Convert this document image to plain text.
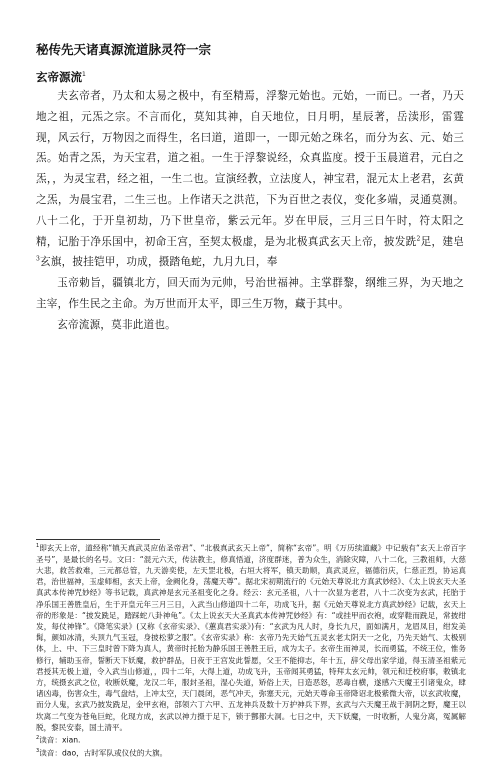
秘传先天诸真源流道脉灵符一宗
玄帝源流$^1$

夫玄帝者，乃太和太易之极中，有至精焉，浮黎元始也。元始，一而已。一者，乃天地之祖，元炁之宗。不言而化，莫知其神，自天地位，日月明，星辰著，岳渎形，雷霆现，风云行，万物因之而得生，名曰道，道即一，一即元始之珠名，而分为玄、元、始三炁。始青之炁，为天宝君，道之祖。一生于浮黎说经，众真监度。授于玉晨道君，元白之炁，，为灵宝君，经之祖，一生二也。宣演经教，立法度人，神宝君，混元太上老君，玄黄之炁，为晨宝君，二生三也。上作诸天之洪范，下为百世之表仪，变化多端，灵通莫测。八十二化，于开皇初劫，乃下世皇帝，紫云元年。岁在甲辰，三月三日午时，符太阳之精，记胎于净乐国中，初命王宫，至契太极虚，是为北极真武玄天上帝，披发跣$^2$足，建皂$^3$玄旗，披挂铠甲，功成，摄踏龟蛇，九月九日，奉

玉帝勅旨，疆镇北方，回天而为元帅，号治世福神。主掌群黎，纲维三界，为天地之主宰，作生民之主命。为万世而开太平，即三生万物，藏于其中。

玄帝流源，莫非此道也。

$^1$即玄天上帝，道经称“镇天真武灵应佑圣帝君”、“北极真武玄天上帝”，简称“玄帝”。明《万历续道藏》中记载有“玄天上帝百字圣号”，是最长的名号。文曰：“混元六天，传法教主，修真悟道，济度群迷，普为众生，消除灾障，八十二化，三教祖师，大慈大悲，救苦救难，三元都总管，九天游奕使，左天罡北极，右垣大将军，镇天助顺，真武灵应，福德衍庆，仁慈正烈，协运真君，治世福神，玉虚师相，玄天上帝，金阙化身，荡魔天尊”。据北宋初期流行的《元始天尊说北方真武妙经》、《太上说玄天大圣真武本传神咒妙经》等书记载，真武神是玄元圣祖变化之身。经云：玄元圣祖，八十一次显为老君，八十二次变为玄武，托胎于净乐国王善胜皇后，生于开皇元年三月三日，入武当山修道四十二年，功成飞升，据《元始天尊说北方真武妙经》记载，玄天上帝的形象是：“披发跣足，踏踩蛇八卦神龟”。《太上说玄天大圣真武本传神咒妙经》有：“或挂甲而衣袍，或穿鞋而跣足，常披绀发，每仗神锋”。《降笔实录》(又称《玄帝实录》、《蕙真君实录》)有：“玄武为凡人时，身长九尺，面如满月，龙眉凤目，绀发美髯，颜如冰清，头顶九气玉冠，身披松萝之服”。《玄帝实录》称：玄帝乃先天始气五灵玄老太阴天一之化，乃先天始气、太极别体，上、中、下三皇时曾下降为真人，黄帝时托胎为静乐国王善胜王后，成为太子。玄帝生而神灵，长而勇猛，不统王位，惟务修行，辅助玉帝，誓断天下妖魔，救护群品，日夜于王宫发此誓愿，父王不能抑志，年十五，辞父母出家学道，得玉清圣祖紫元君授其无极上道，令入武当山修道，，四十二年，大得上道，功成飞升，玉帝闻其勇猛，特拜太玄元帅，领元和迁校府事，敕镇北方，统摄玄武之位，收断妖魔，龙汉二年，服封圣祖，湿心失道，矫俗上天，日造恶怒，恶毒自横，遂感六天魔王引诸鬼众，肆诸凶毒，伤害众生，毒气盘结，上冲太空，天门晨闭，恶气冲天，弥塞天元，元始天尊命玉帝降诏北极紫微大帝，以玄武收魔，而分人鬼，玄武乃披发跣足，金甲玄袍，部领六丁六甲、五龙神兵及数十万护神兵下界，玄武与六天魔王战于洞阴之野，魔王以坎离二气变为苍龟巨蛇，化现方成，玄武以神力摄于足下，锁于酆都大洞。七日之中，天下妖魔，一时收断，人鬼分离，冤属解脱，黎民安泰，国土清平。

$^2$读音：xian.

$^3$读音：dao，古时军队或仪仗的大旗。
